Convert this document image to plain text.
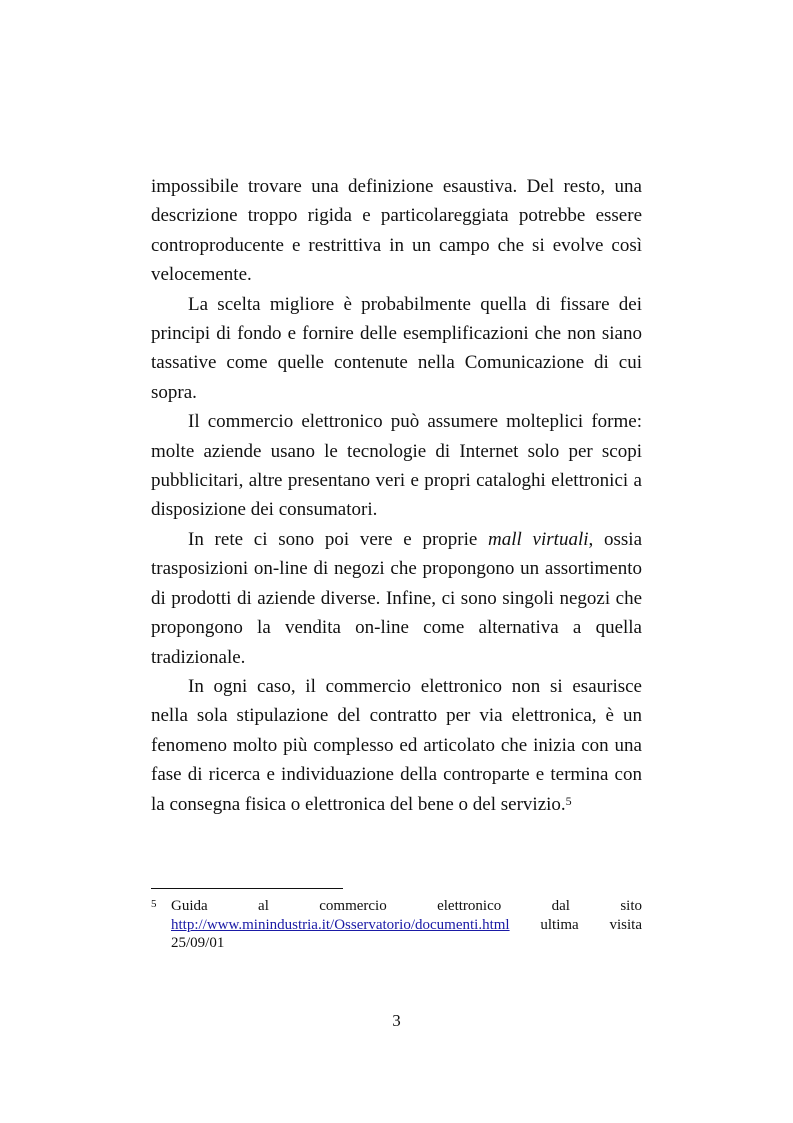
impossibile trovare una definizione esaustiva. Del resto, una descrizione troppo rigida e particolareggiata potrebbe essere controproducente e restrittiva in un campo che si evolve così velocemente.

La scelta migliore è probabilmente quella di fissare dei principi di fondo e fornire delle esemplificazioni che non siano tassative come quelle contenute nella Comunicazione di cui sopra.

Il commercio elettronico può assumere molteplici forme: molte aziende usano le tecnologie di Internet solo per scopi pubblicitari, altre presentano veri e propri cataloghi elettronici a disposizione dei consumatori.

In rete ci sono poi vere e proprie mall virtuali, ossia trasposizioni on-line di negozi che propongono un assortimento di prodotti di aziende diverse. Infine, ci sono singoli negozi che propongono la vendita on-line come alternativa a quella tradizionale.

In ogni caso, il commercio elettronico non si esaurisce nella sola stipulazione del contratto per via elettronica, è un fenomeno molto più complesso ed articolato che inizia con una fase di ricerca e individuazione della controparte e termina con la consegna fisica o elettronica del bene o del servizio.$^5$

5 Guida al commercio elettronico dal sito http://www.minindustria.it/Osservatorio/documenti.html ultima visita 25/09/01
3
